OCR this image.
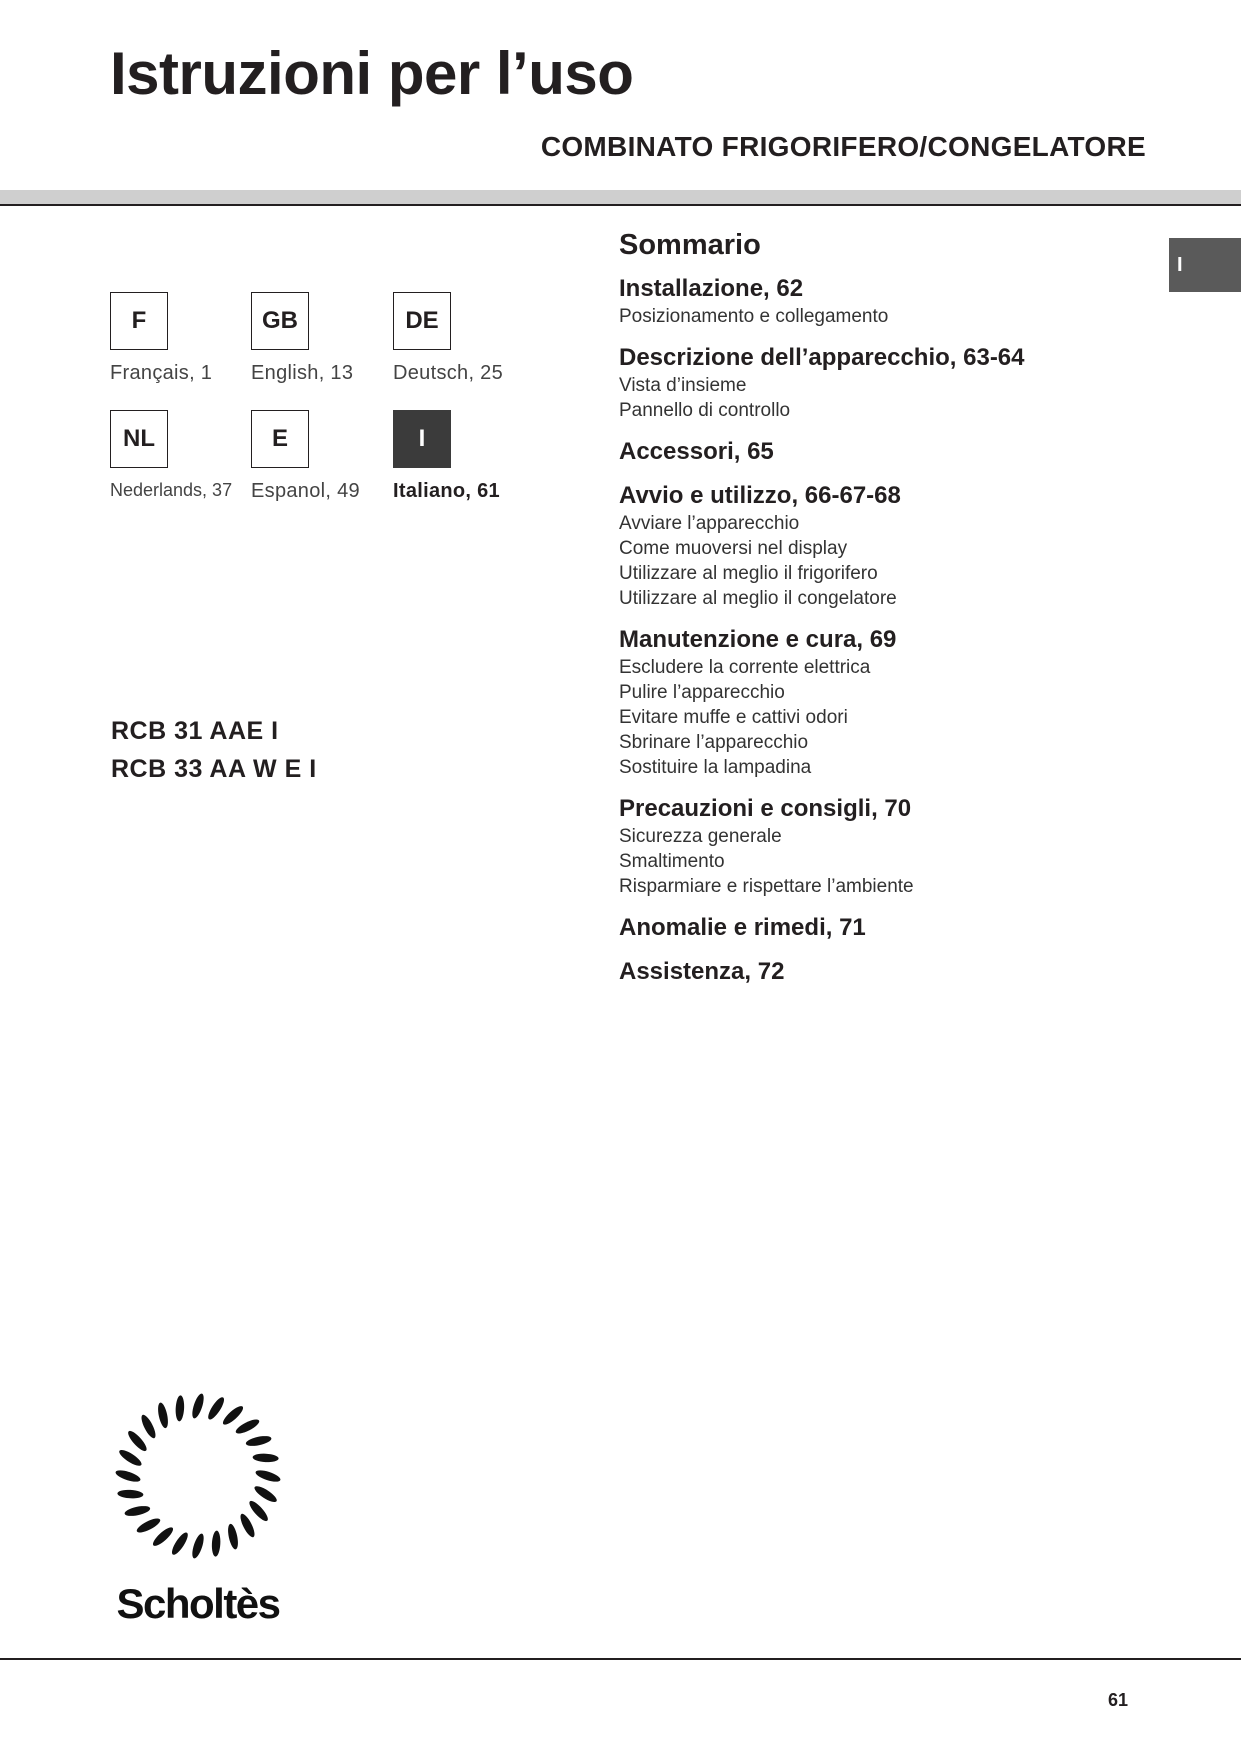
Istruzioni per l’uso
COMBINATO FRIGORIFERO/CONGELATORE
I
F
Français, 1
GB
English, 13
DE
Deutsch, 25
NL
Nederlands, 37
E
Espanol, 49
I
Italiano, 61
RCB 31 AAE I
RCB 33 AA W E I
Sommario
Installazione, 62
Posizionamento e collegamento
Descrizione dell’apparecchio, 63-64
Vista d’insieme
Pannello di controllo
Accessori, 65
Avvio e utilizzo, 66-67-68
Avviare l’apparecchio
Come muoversi nel display
Utilizzare al meglio il frigorifero
Utilizzare al meglio il congelatore
Manutenzione e cura, 69
Escludere la corrente elettrica
Pulire l’apparecchio
Evitare muffe e cattivi odori
Sbrinare l’apparecchio
Sostituire la lampadina
Precauzioni e consigli, 70
Sicurezza generale
Smaltimento
Risparmiare e rispettare l’ambiente
Anomalie e rimedi, 71
Assistenza, 72
Scholtès
61
